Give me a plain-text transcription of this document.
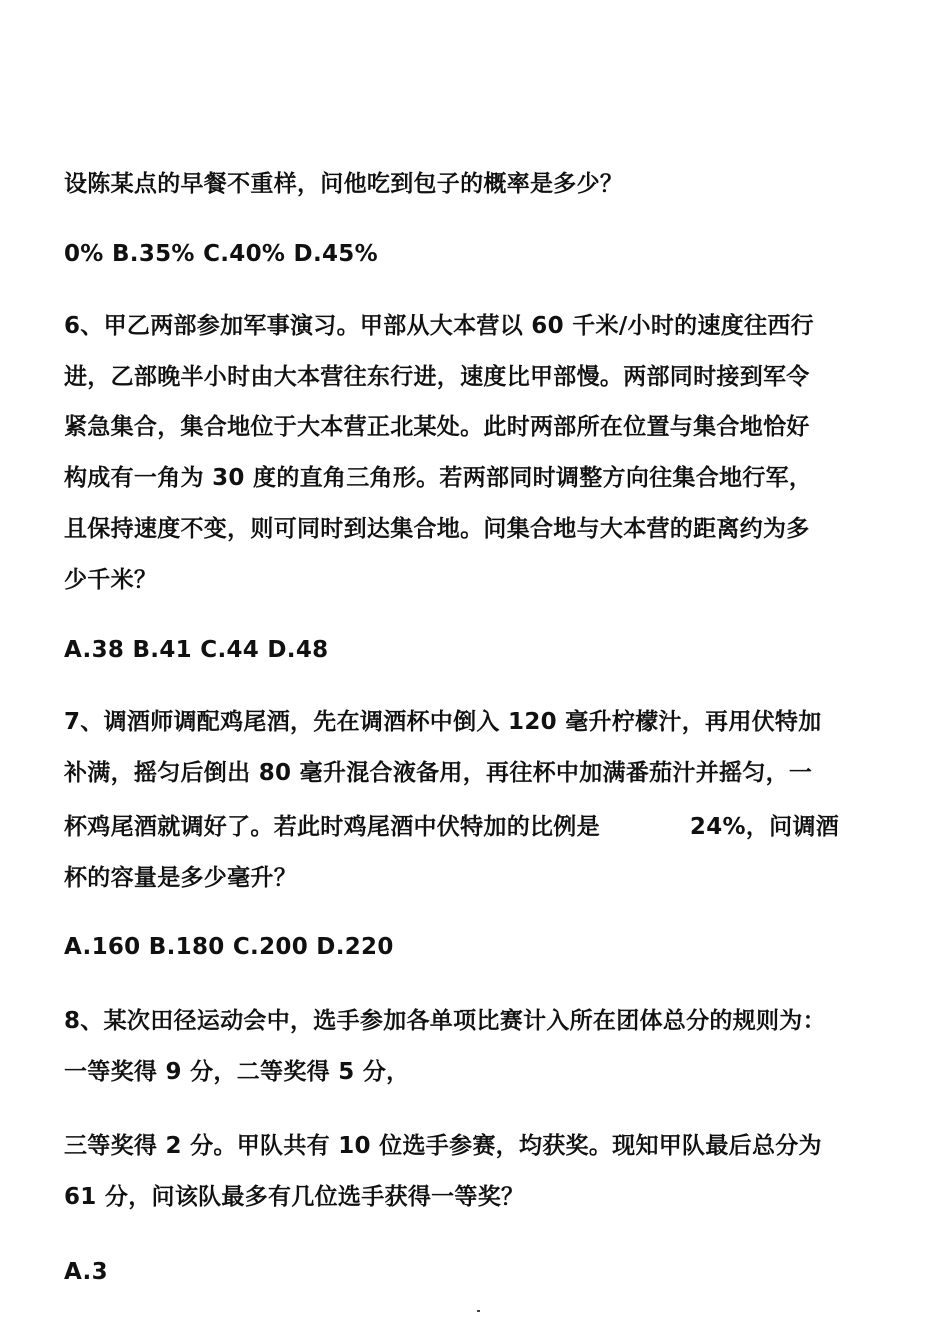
设陈某点的早餐不重样，问他吃到包子的概率是多少？
0% B.35% C.40% D.45%
6、甲乙两部参加军事演习。甲部从大本营以 60 千米/小时的速度往西行
进，乙部晚半小时由大本营往东行进，速度比甲部慢。两部同时接到军令
紧急集合，集合地位于大本营正北某处。此时两部所在位置与集合地恰好
构成有一角为 30 度的直角三角形。若两部同时调整方向往集合地行军，
且保持速度不变，则可同时到达集合地。问集合地与大本营的距离约为多
少千米？
A.38 B.41 C.44 D.48
7、调酒师调配鸡尾酒，先在调酒杯中倒入 120 毫升柠檬汁，再用伏特加
补满，摇匀后倒出 80 毫升混合液备用，再往杯中加满番茄汁并摇匀，一
杯鸡尾酒就调好了。若此时鸡尾酒中伏特加的比例是	24%，问调酒
杯的容量是多少毫升？
A.160 B.180 C.200 D.220
8、某次田径运动会中，选手参加各单项比赛计入所在团体总分的规则为：
一等奖得 9 分，二等奖得 5 分，
三等奖得 2 分。甲队共有 10 位选手参赛，均获奖。现知甲队最后总分为
61 分，问该队最多有几位选手获得一等奖？
A.3
